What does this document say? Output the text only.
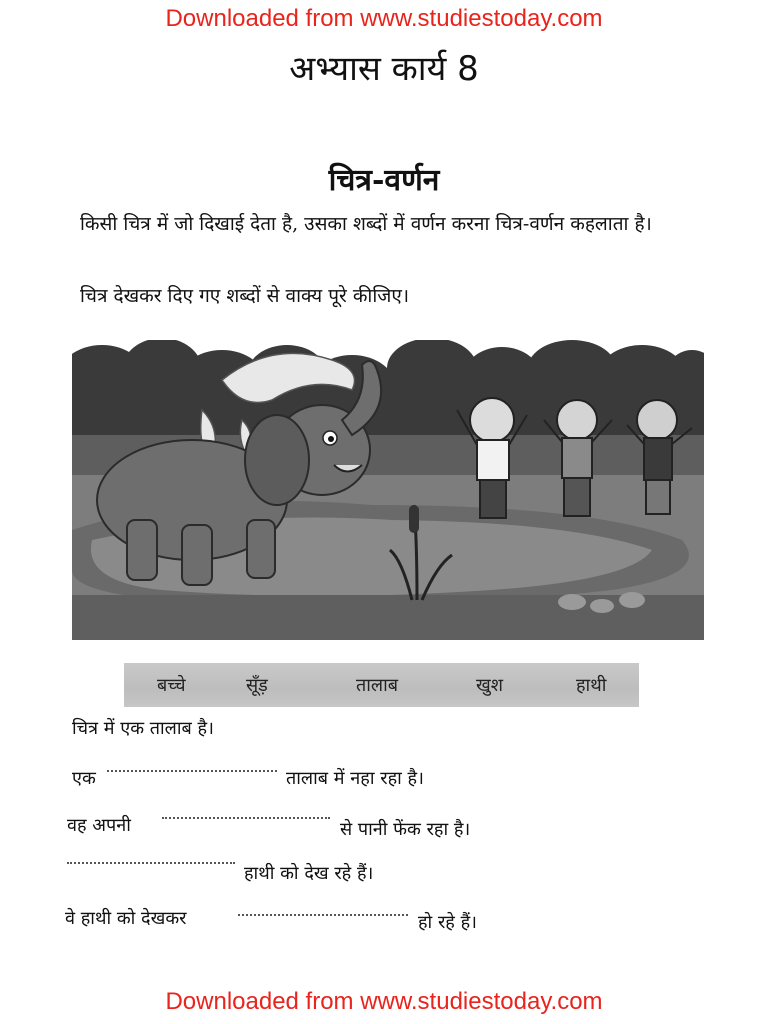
Downloaded from www.studiestoday.com
अभ्यास कार्य 8
चित्र-वर्णन
किसी चित्र में जो दिखाई देता है, उसका शब्दों में वर्णन करना चित्र-वर्णन कहलाता है।
चित्र देखकर दिए गए शब्दों से वाक्य पूरे कीजिए।
बच्चे	सूँड़	तालाब	खुश	हाथी
चित्र में एक तालाब है।
एक	तालाब में नहा रहा है।
वह अपनी	से पानी फेंक रहा है।
हाथी को देख रहे हैं।
वे हाथी को देखकर	हो रहे हैं।
Downloaded from www.studiestoday.com
